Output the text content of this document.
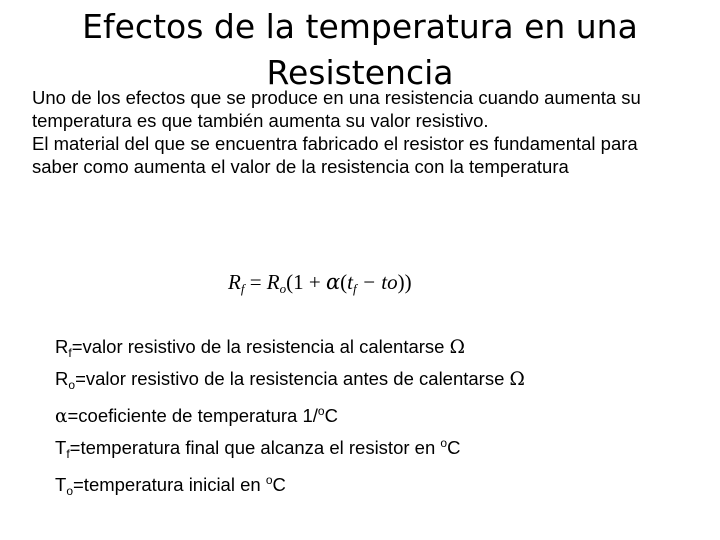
Efectos de la temperatura en una Resistencia

Uno de los efectos que se produce en una resistencia cuando aumenta su temperatura es que también aumenta su valor resistivo.

El material del que se encuentra fabricado el resistor es fundamental para saber como aumenta el valor de la resistencia con la temperatura

$R_f = R_o(1 + \alpha(t_f - to))$
$R_f=valor$ resistivo de la resistencia al calentarse Ω
$R_o=valor$ resistivo de la resistencia antes de calentarse Ω
α=coeficiente de temperatura 1/$^o$C
$T_f=temperatura$ final que alcanza el resistor en $^o$C
$T_o=temperatura$ inicial en $^o$C
